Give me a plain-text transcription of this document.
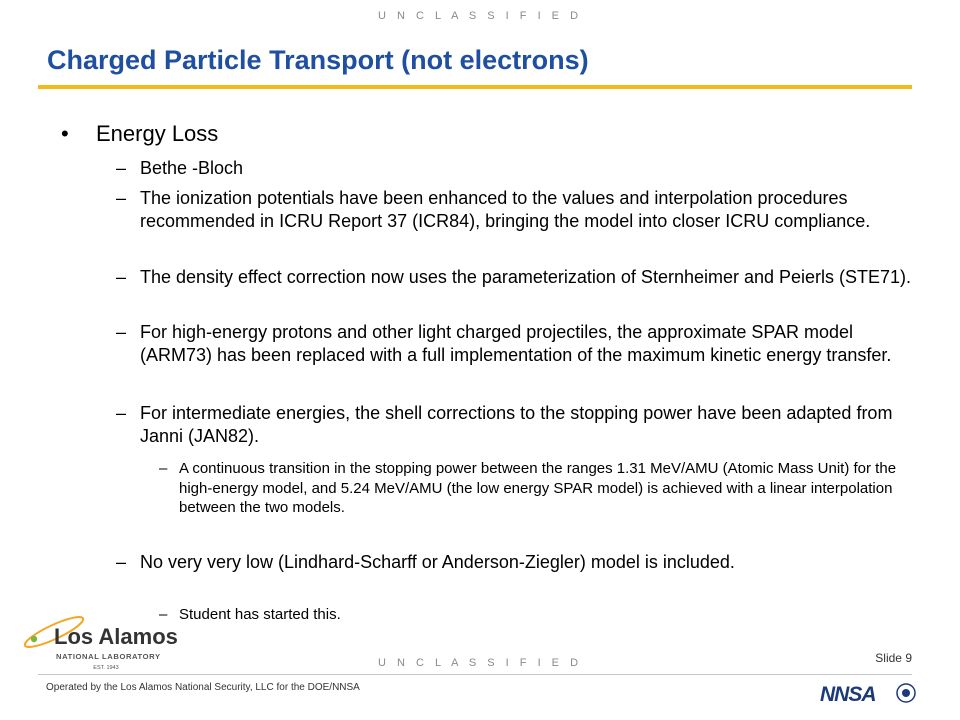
U N C L A S S I F I E D
Charged Particle Transport (not electrons)
• Energy Loss
– Bethe -Bloch
– The ionization potentials have been enhanced to the values and interpolation procedures recommended in ICRU Report 37 (ICR84), bringing the model into closer ICRU compliance.
– The density effect correction now uses the parameterization of Sternheimer and Peierls (STE71).
– For high-energy protons and other light charged projectiles, the approximate SPAR model (ARM73) has been replaced with a full implementation of the maximum kinetic energy transfer.
– For intermediate energies, the shell corrections to the stopping power have been adapted from Janni (JAN82).
– A continuous transition in the stopping power between the ranges 1.31 MeV/AMU (Atomic Mass Unit) for the high-energy model, and 5.24 MeV/AMU (the low energy SPAR model) is achieved with a linear interpolation between the two models.
– No very very low (Lindhard-Scharff or Anderson-Ziegler) model is included.
– Student has started this.
Los Alamos
NATIONAL LABORATORY
EST. 1943	U N C L A S S I F I E D	Slide 9
Operated by the Los Alamos National Security, LLC for the DOE/NNSA	NNSA
